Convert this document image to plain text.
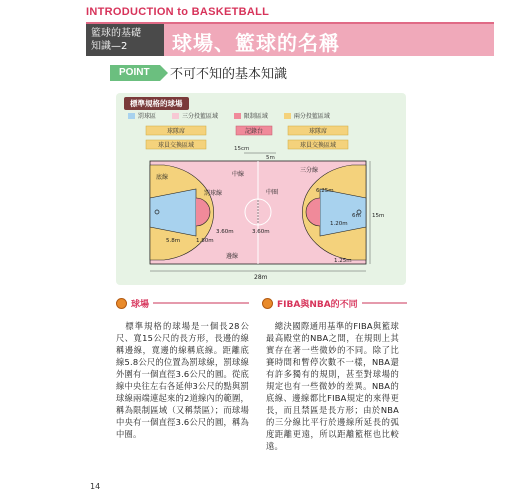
INTRODUCTION to BASKETBALL
籃球的基礎
知識—2	球場、籃球的名稱
POINT	不可不知的基本知識
標準規格的球場
罰球區
	三分投籃區域
	限制區域
	兩分投籃區域
球隊席	記錄台	球隊席
球員交換區域	球員交換區域
15cm
5m
底線
罰球線
中線
中圈
三分線
邊線
6.25m
1.20m
6m 15m
5.8m	1.80m
3.60m	3.60m
1.25m
28m
球場	FIBA與NBA的不同
　標準規格的球場是一個長28公尺、寬15公尺的長方形，長邊的線稱邊線，寬邊的線稱底線。距離底線5.8公尺的位置為罰球線，罰球線外圍有一個直徑3.6公尺的圓。從底線中央往左右各延伸3公尺的點與罰球線兩端連起來的2道線內的範圍，稱為限制區域（又稱禁區）；而球場中央有一個直徑3.6公尺的圓，稱為中圈。
　總決國際通用基準的FIBA與籃球最高殿堂的NBA之間，在規則上其實存在著一些微妙的不同。除了比賽時間和暫停次數不一樣，NBA還有許多獨有的規則，甚至對球場的規定也有一些微妙的差異。NBA的底線、邊線都比FIBA規定的來得更長，而且禁區是長方形；由於NBA的三分線比平行於邊線所延長的弧度距離更遠，所以距離籃框也比較遠。
14
